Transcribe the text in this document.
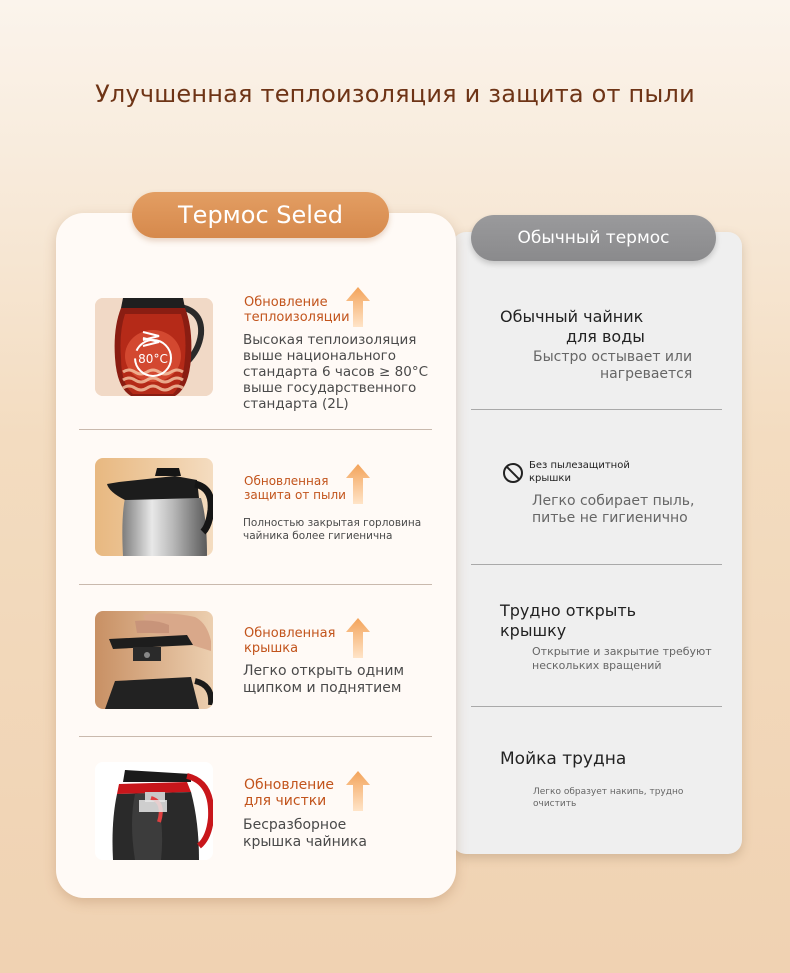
Улучшенная теплоизоляция и защита от пыли
Обычный термос
Обычный чайник
для воды
Быстро остывает или
нагревается
Без пылезащитной
крышки
Легко собирает пыль, питье не гигиенично
Трудно открыть
крышку
Открытие и закрытие требуют нескольких вращений
Мойка трудна
Легко образует накипь, трудно очистить
Термос Seled
80°C
Обновление
теплоизоляции
Высокая теплоизоляция выше национального стандарта 6 часов ≥ 80°C выше государственного стандарта (2L)
Обновленная
защита от пыли
Полностью закрытая горловина чайника более гигиенична
Обновленная
крышка
Легко открыть одним щипком и поднятием
Обновление
для чистки
Бесразборное крышка чайника
